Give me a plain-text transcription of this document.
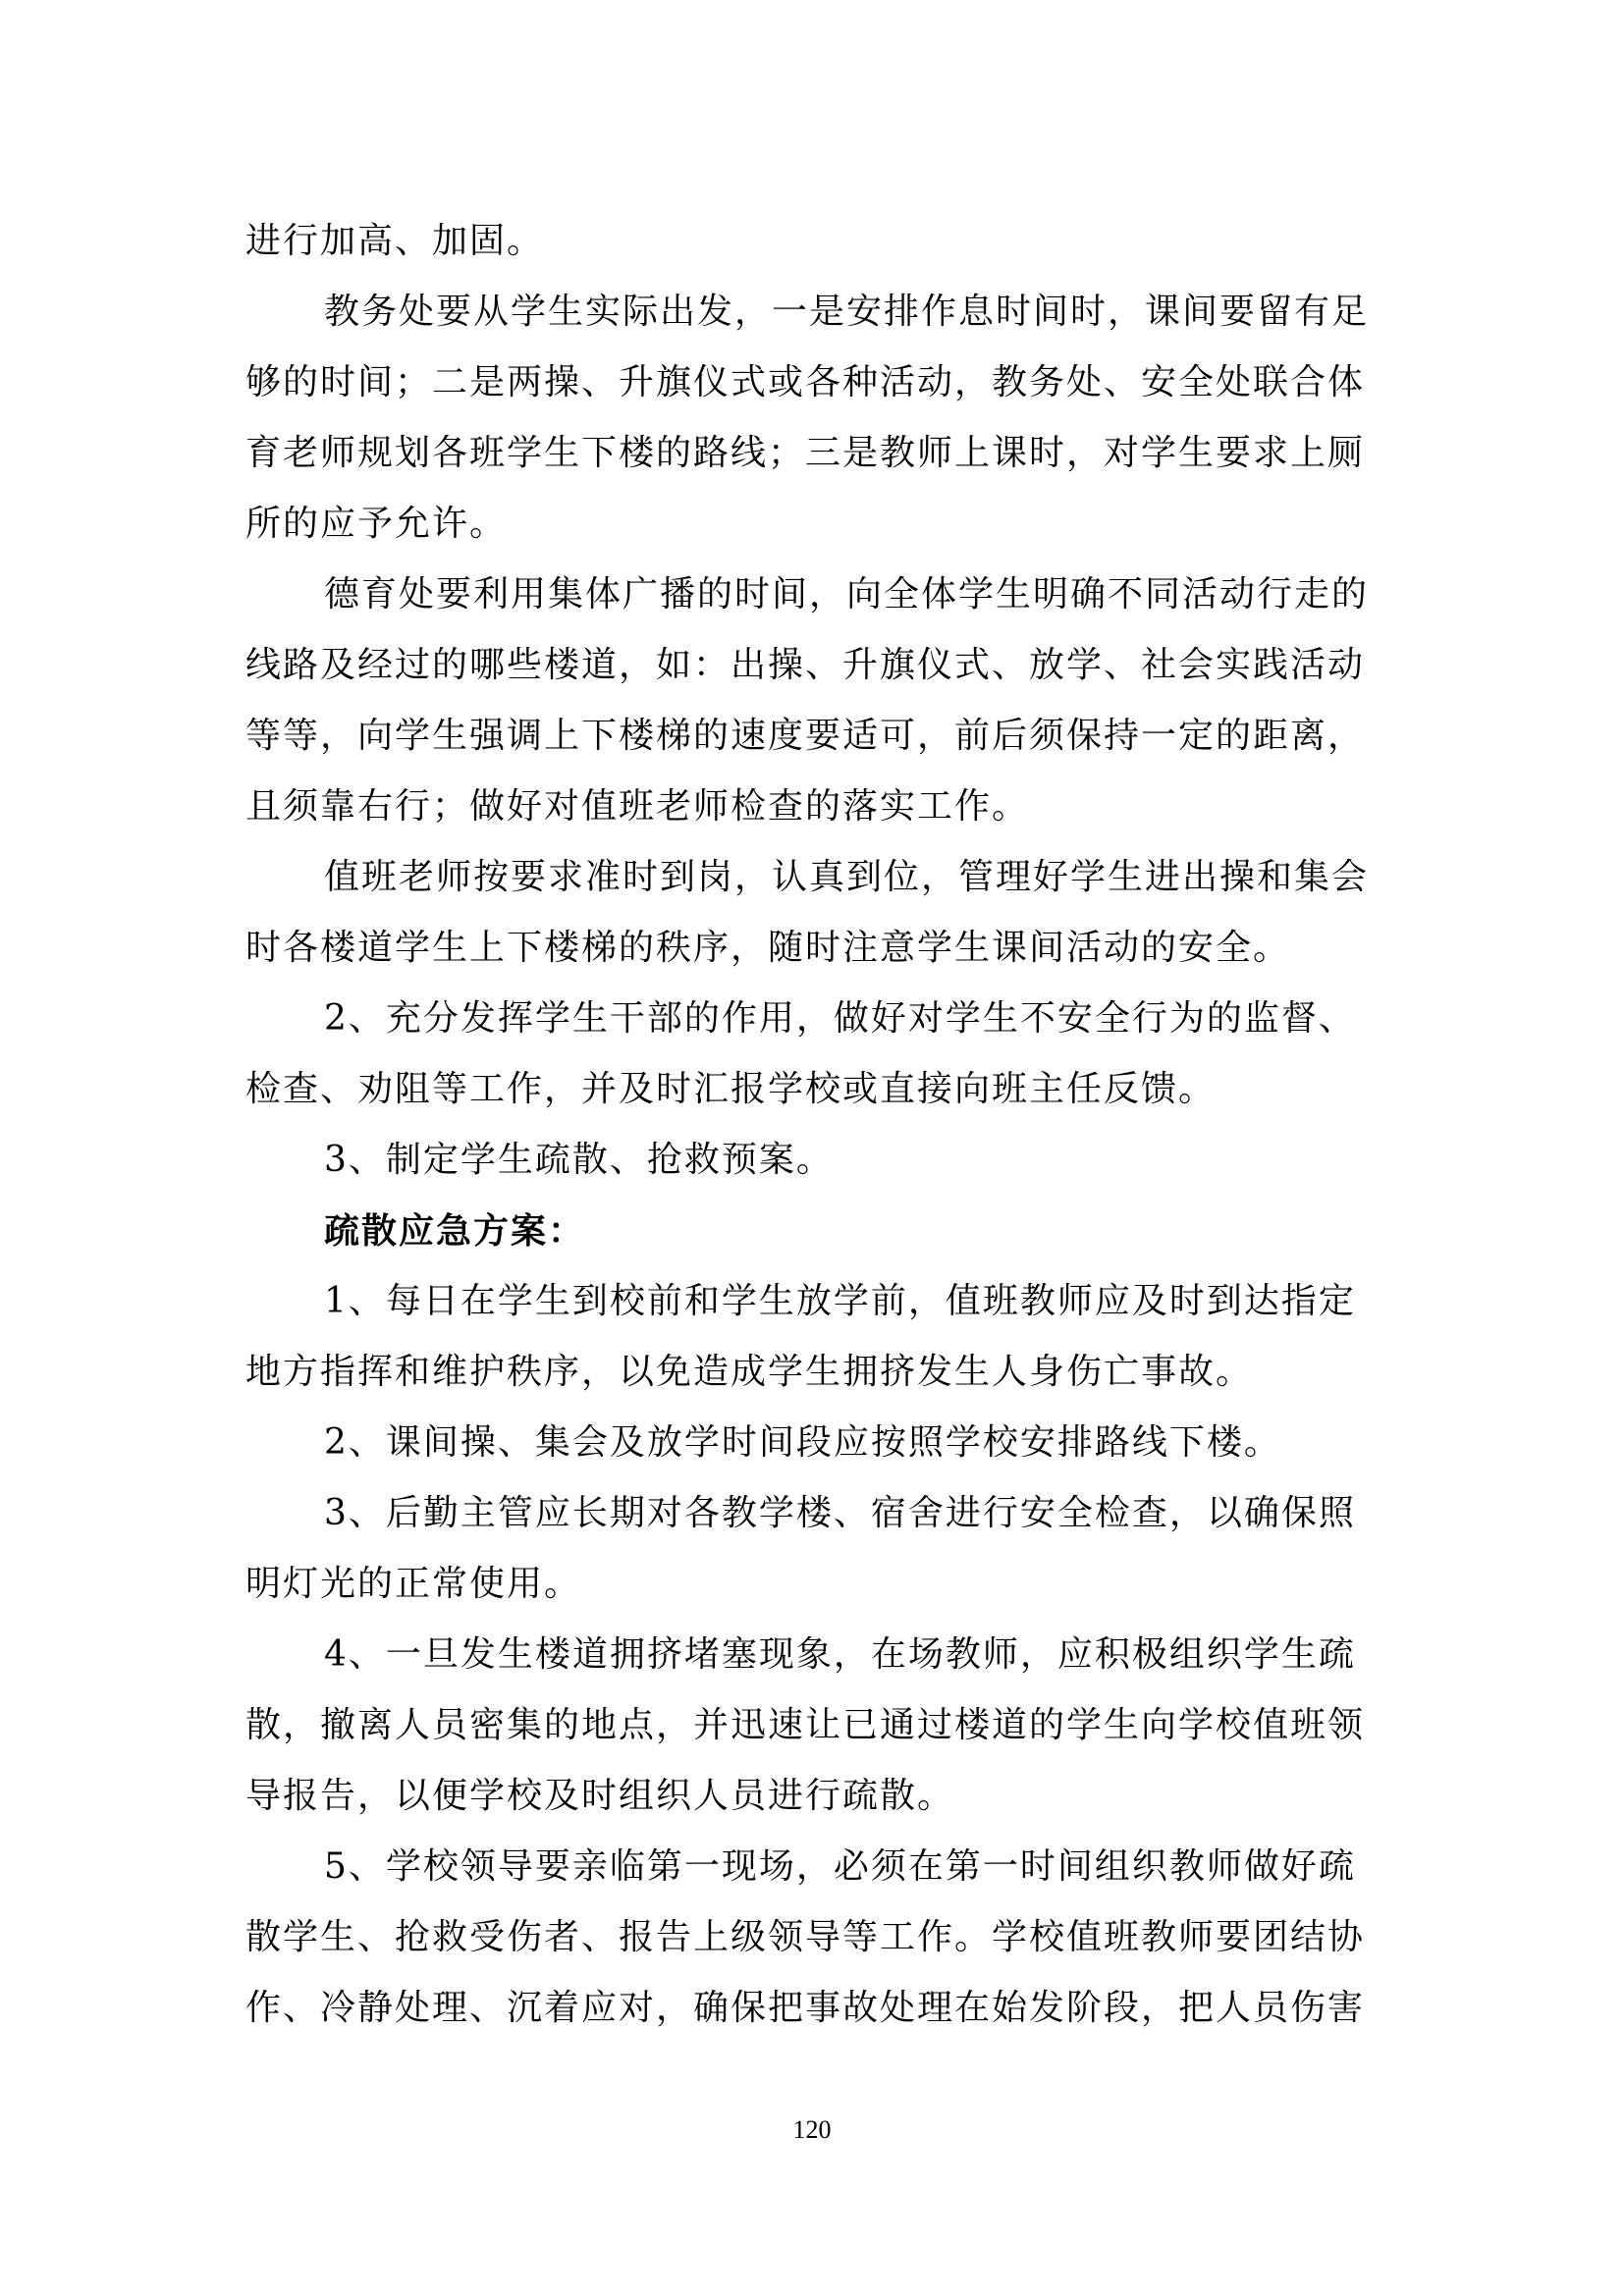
进行加高、加固。
教务处要从学生实际出发，一是安排作息时间时，课间要留有足
够的时间；二是两操、升旗仪式或各种活动，教务处、安全处联合体
育老师规划各班学生下楼的路线；三是教师上课时，对学生要求上厕
所的应予允许。
德育处要利用集体广播的时间，向全体学生明确不同活动行走的
线路及经过的哪些楼道，如：出操、升旗仪式、放学、社会实践活动
等等，向学生强调上下楼梯的速度要适可，前后须保持一定的距离，
且须靠右行；做好对值班老师检查的落实工作。
值班老师按要求准时到岗，认真到位，管理好学生进出操和集会
时各楼道学生上下楼梯的秩序，随时注意学生课间活动的安全。
2、充分发挥学生干部的作用，做好对学生不安全行为的监督、
检查、劝阻等工作，并及时汇报学校或直接向班主任反馈。
3、制定学生疏散、抢救预案。
疏散应急方案：
1、每日在学生到校前和学生放学前，值班教师应及时到达指定
地方指挥和维护秩序，以免造成学生拥挤发生人身伤亡事故。
2、课间操、集会及放学时间段应按照学校安排路线下楼。
3、后勤主管应长期对各教学楼、宿舍进行安全检查，以确保照
明灯光的正常使用。
4、一旦发生楼道拥挤堵塞现象，在场教师，应积极组织学生疏
散，撤离人员密集的地点，并迅速让已通过楼道的学生向学校值班领
导报告，以便学校及时组织人员进行疏散。
5、学校领导要亲临第一现场，必须在第一时间组织教师做好疏
散学生、抢救受伤者、报告上级领导等工作。学校值班教师要团结协
作、冷静处理、沉着应对，确保把事故处理在始发阶段，把人员伤害
120
